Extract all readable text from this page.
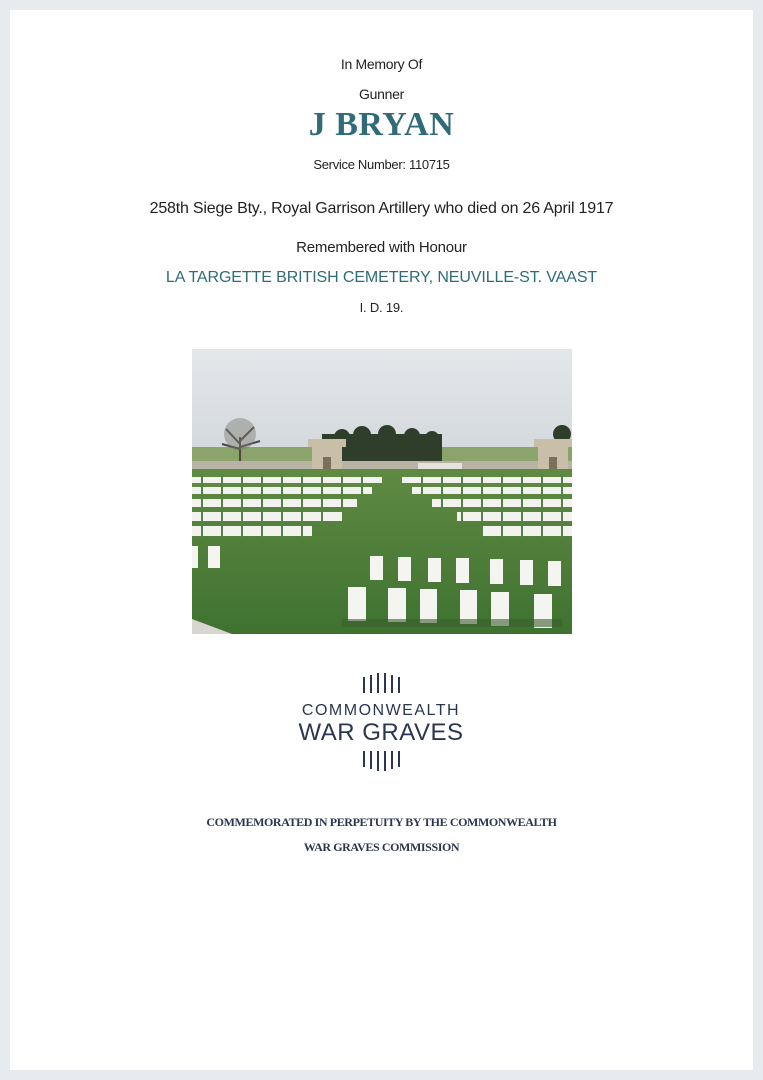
In Memory Of
Gunner
J BRYAN
Service Number: 110715
258th Siege Bty., Royal Garrison Artillery who died on 26 April 1917
Remembered with Honour
LA TARGETTE BRITISH CEMETERY, NEUVILLE-ST. VAAST
I. D. 19.
COMMONWEALTH
WAR GRAVES
COMMEMORATED IN PERPETUITY BY THE COMMONWEALTH
WAR GRAVES COMMISSION
